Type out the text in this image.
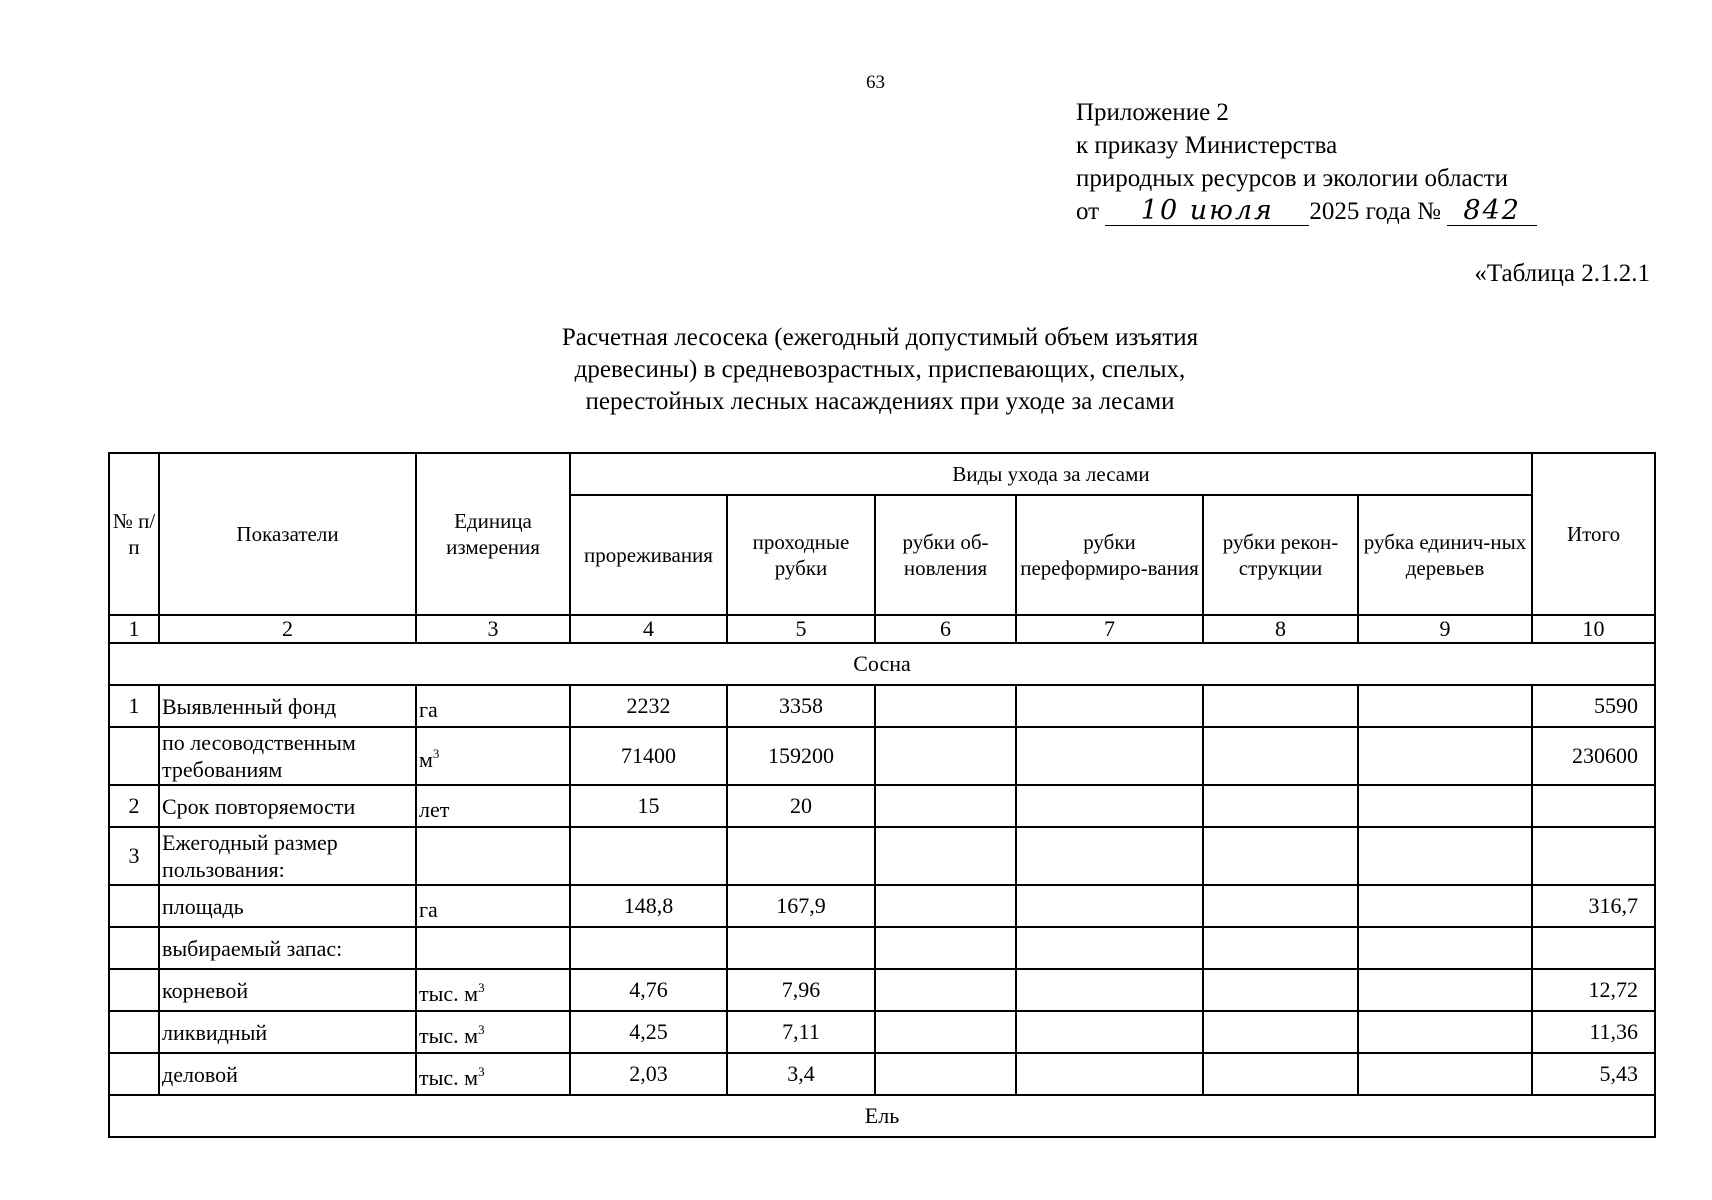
63
Приложение 2
к приказу Министерства
природных ресурсов и экологии области
от 10 июля 2025 года № 842
«Таблица 2.1.2.1
Расчетная лесосека (ежегодный допустимый объем изъятия
древесины) в средневозрастных, приспевающих, спелых,
перестойных лесных насаждениях при уходе за лесами
№ п/п	Показатели	Единица измерения	Виды ухода за лесами						Итого
			прореживания	проходные рубки	рубки об-новления	рубки переформиро-вания	рубки рекон-струкции	рубка единич-ных деревьев	
1	2	3	4	5	6	7	8	9	10
Сосна									
1	Выявленный фонд	га	2232	3358					5590
	по лесоводственным требованиям	$м^3$	71400	159200					230600
2	Срок повторяемости	лет	15	20					
3	Ежегодный размер пользования:								
	площадь	га	148,8	167,9					316,7
	выбираемый запас:								
	корневой	тыс. $м^3$	4,76	7,96					12,72
	ликвидный	тыс. $м^3$	4,25	7,11					11,36
	деловой	тыс. $м^3$	2,03	3,4					5,43
Ель									
